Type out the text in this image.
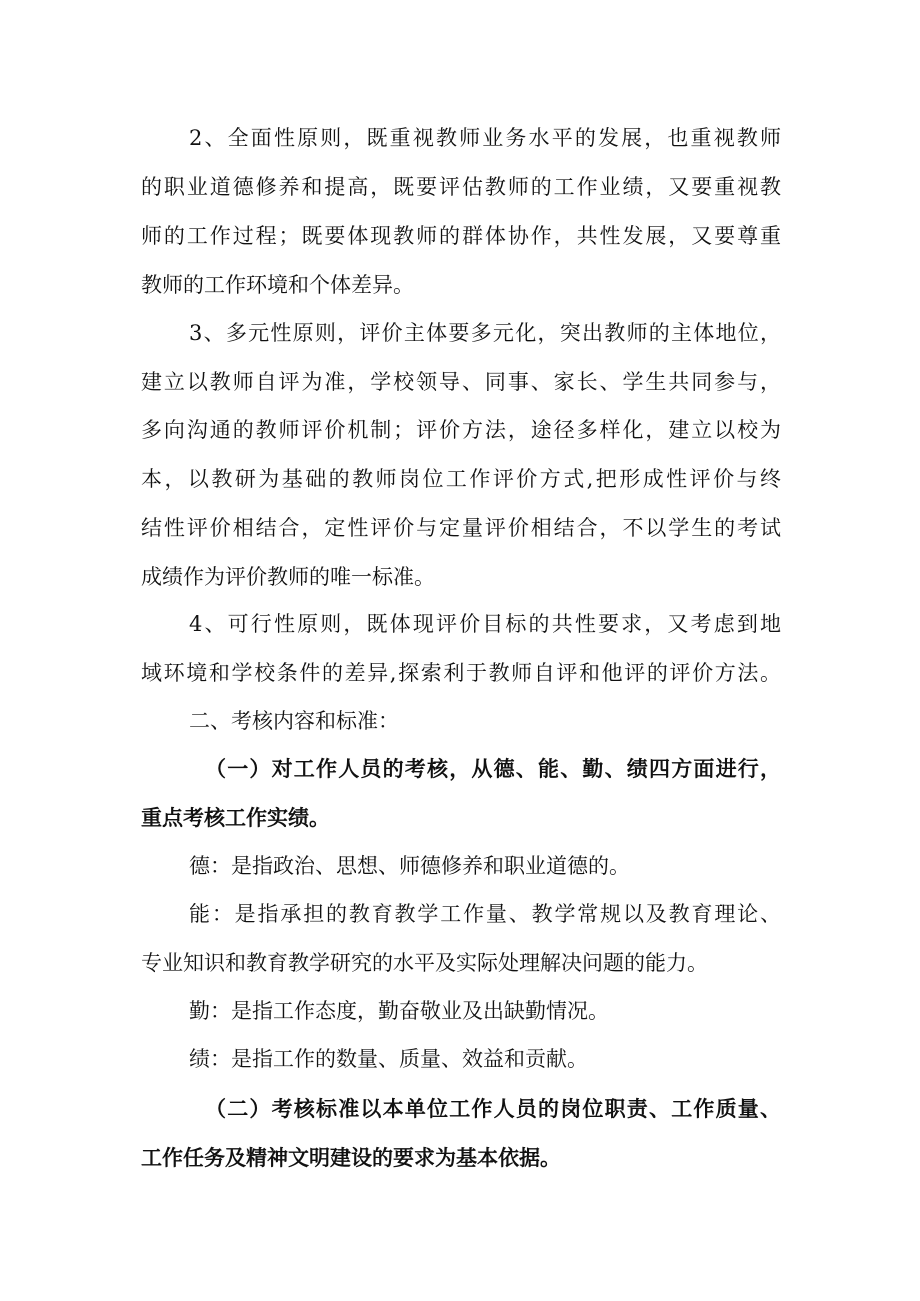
2、全面性原则，既重视教师业务水平的发展，也重视教师

的职业道德修养和提高，既要评估教师的工作业绩，又要重视教

师的工作过程；既要体现教师的群体协作，共性发展，又要尊重

教师的工作环境和个体差异。

3、多元性原则，评价主体要多元化，突出教师的主体地位，

建立以教师自评为准，学校领导、同事、家长、学生共同参与，

多向沟通的教师评价机制；评价方法，途径多样化，建立以校为

本，以教研为基础的教师岗位工作评价方式,把形成性评价与终

结性评价相结合，定性评价与定量评价相结合，不以学生的考试

成绩作为评价教师的唯一标准。

4、可行性原则，既体现评价目标的共性要求，又考虑到地

域环境和学校条件的差异,探索利于教师自评和他评的评价方法。

二、考核内容和标准：

（一）对工作人员的考核，从德、能、勤、绩四方面进行，

重点考核工作实绩。

德：是指政治、思想、师德修养和职业道德的。

能：是指承担的教育教学工作量、教学常规以及教育理论、

专业知识和教育教学研究的水平及实际处理解决问题的能力。

勤：是指工作态度，勤奋敬业及出缺勤情况。

绩：是指工作的数量、质量、效益和贡献。

（二）考核标准以本单位工作人员的岗位职责、工作质量、

工作任务及精神文明建设的要求为基本依据。
